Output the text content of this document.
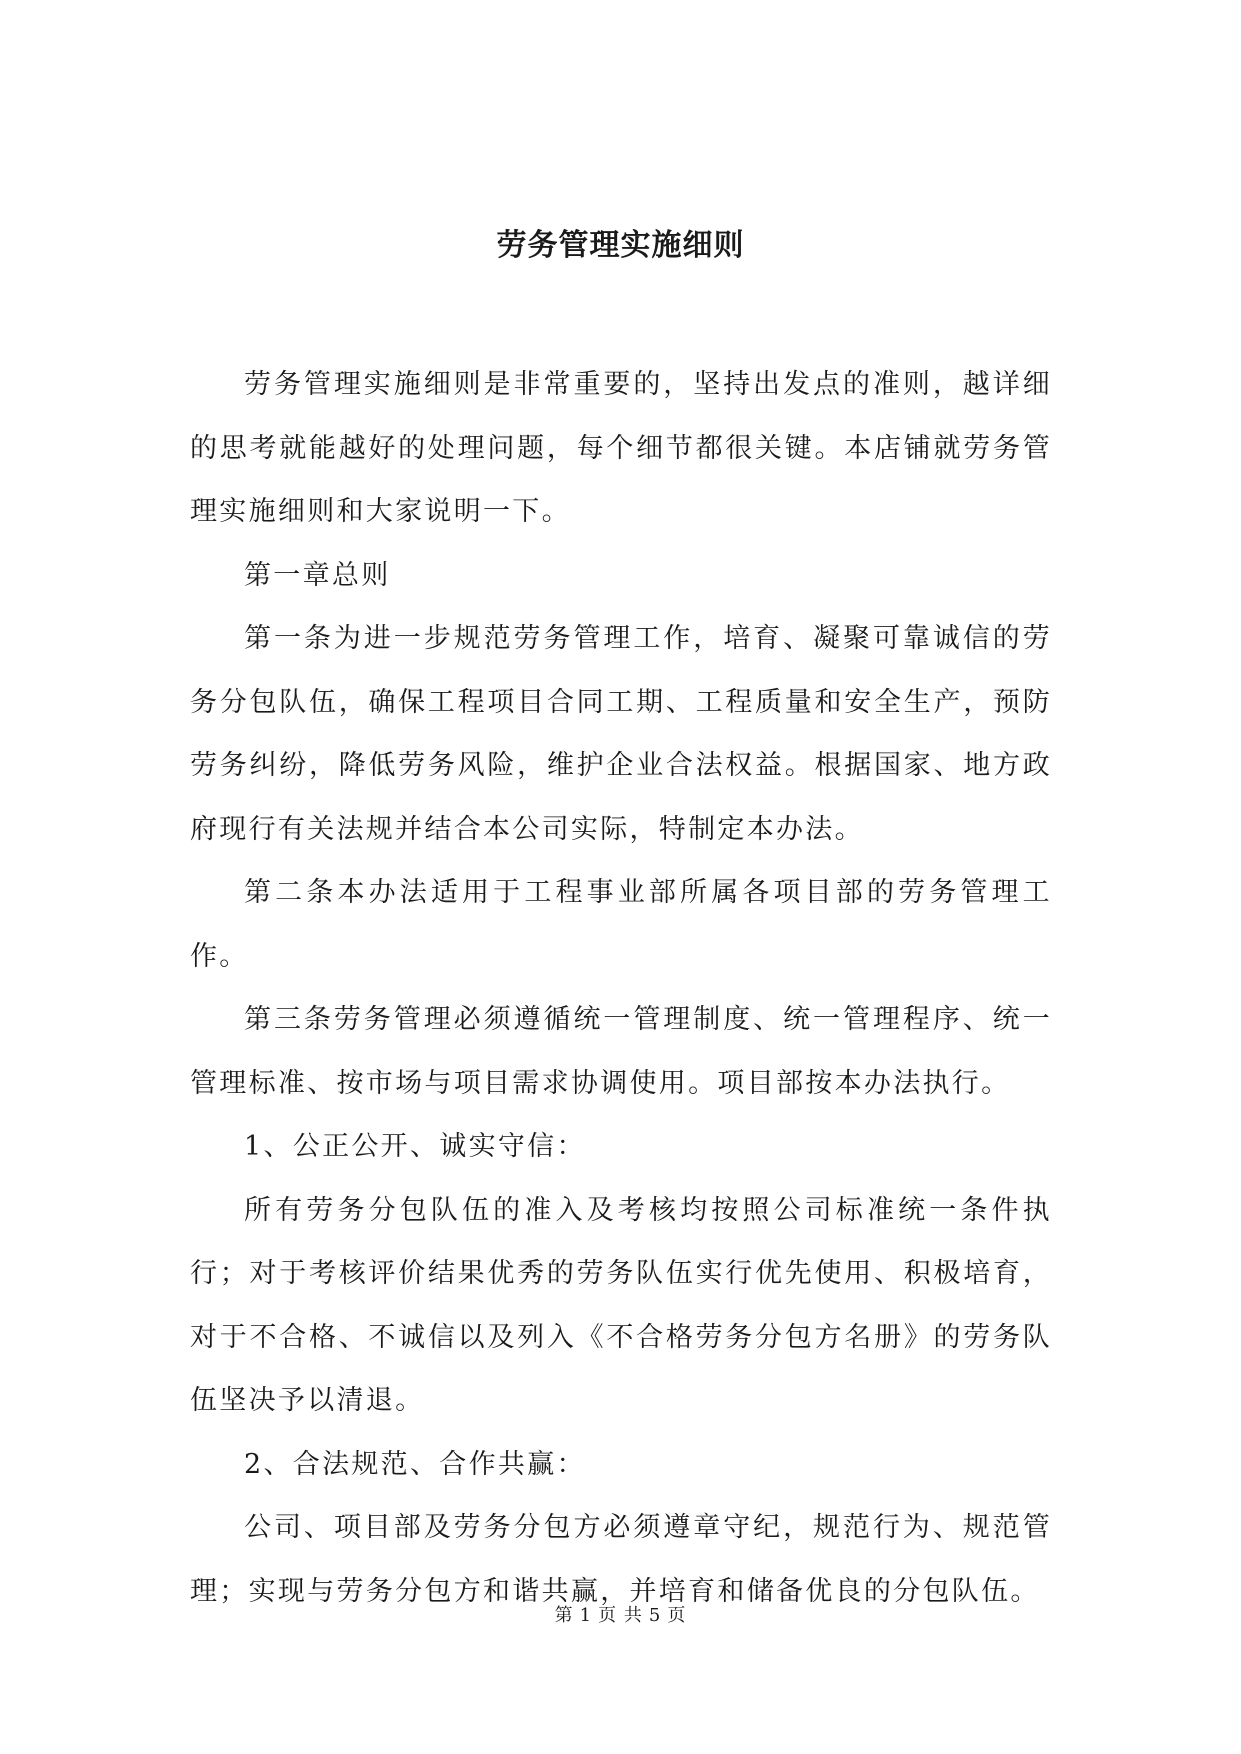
劳务管理实施细则

劳务管理实施细则是非常重要的，坚持出发点的准则，越详细的思考就能越好的处理问题，每个细节都很关键。本店铺就劳务管理实施细则和大家说明一下。

第一章总则

第一条为进一步规范劳务管理工作，培育、凝聚可靠诚信的劳务分包队伍，确保工程项目合同工期、工程质量和安全生产，预防劳务纠纷，降低劳务风险，维护企业合法权益。根据国家、地方政府现行有关法规并结合本公司实际，特制定本办法。

第二条本办法适用于工程事业部所属各项目部的劳务管理工作。

第三条劳务管理必须遵循统一管理制度、统一管理程序、统一管理标准、按市场与项目需求协调使用。项目部按本办法执行。

1、公正公开、诚实守信：

所有劳务分包队伍的准入及考核均按照公司标准统一条件执行；对于考核评价结果优秀的劳务队伍实行优先使用、积极培育，对于不合格、不诚信以及列入《不合格劳务分包方名册》的劳务队伍坚决予以清退。

2、合法规范、合作共赢：

公司、项目部及劳务分包方必须遵章守纪，规范行为、规范管理；实现与劳务分包方和谐共赢，并培育和储备优良的分包队伍。

第 1 页 共 5 页
